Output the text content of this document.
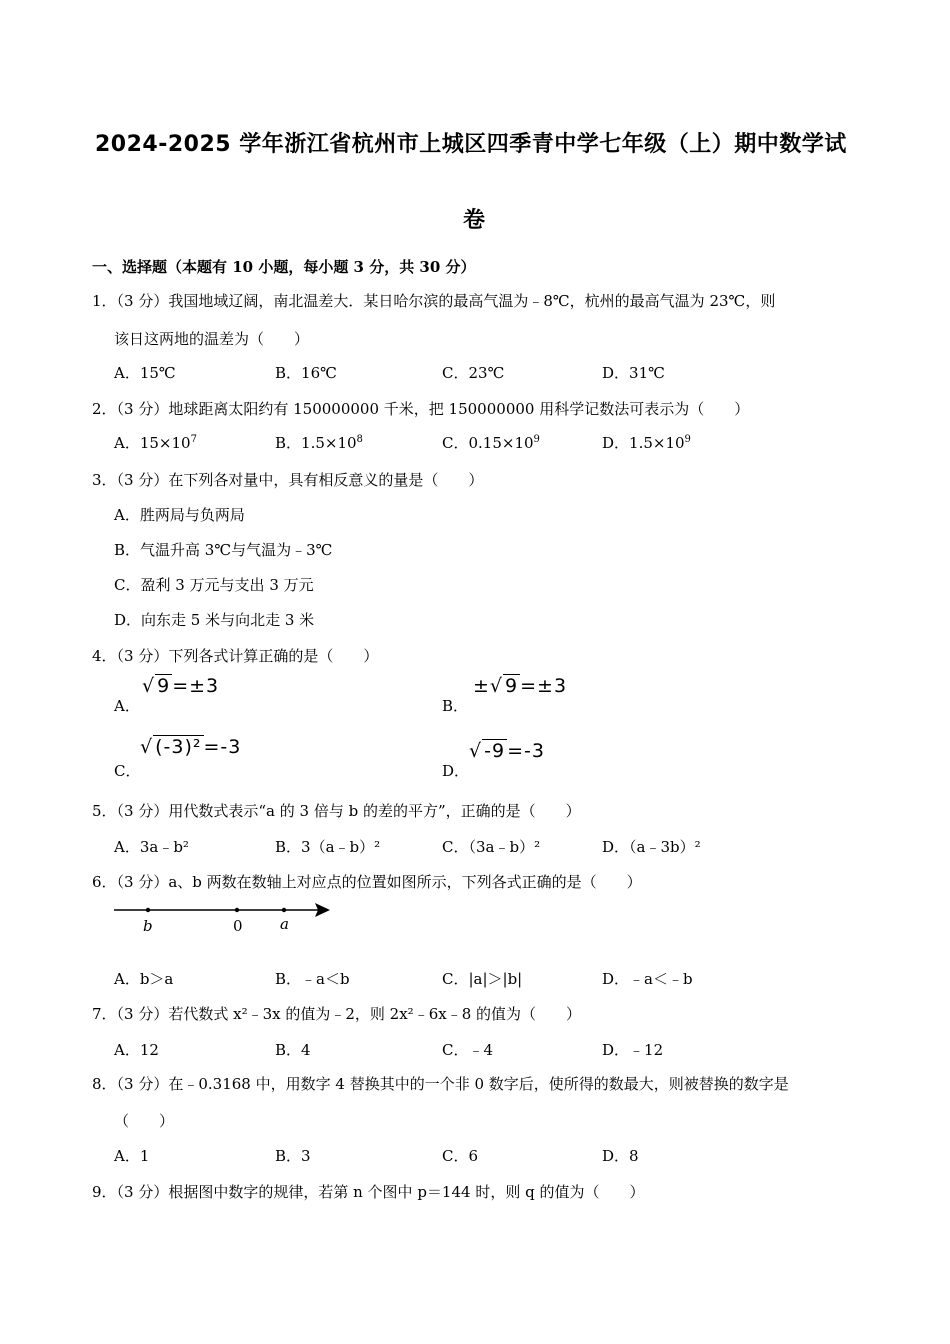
2024-2025 学年浙江省杭州市上城区四季青中学七年级（上）期中数学试
卷
一、选择题（本题有 10 小题，每小题 3 分，共 30 分）
1．（3 分）我国地域辽阔，南北温差大．某日哈尔滨的最高气温为﹣8℃，杭州的最高气温为 23℃，则
该日这两地的温差为（　　）
A．15℃	B．16℃	C．23℃	D．31℃
2．（3 分）地球距离太阳约有 150000000 千米，把 150000000 用科学记数法可表示为（　　）
A．$15\times 10^7$	B．$1.5\times 10^8$	C．$0.15\times 10^9$	D．$1.5\times 10^9$
3．（3 分）在下列各对量中，具有相反意义的量是（　　）
A．胜两局与负两局
B．气温升高 3℃与气温为﹣3℃
C．盈利 3 万元与支出 3 万元
D．向东走 5 米与向北走 3 米
4．（3 分）下列各式计算正确的是（　　）
A．
√ 9 =±3
B．
±√ 9 =±3
C．
√ (-3)² =-3
D．
√ -9 =-3
5．（3 分）用代数式表示“a 的 3 倍与 b 的差的平方”，正确的是（　　）
A．3a﹣b²	B．3（a﹣b）²	C．（3a﹣b）²	D．（a﹣3b）²
6．（3 分）a、b 两数在数轴上对应点的位置如图所示，下列各式正确的是（　　）
b	0 a
A．b＞a	B．﹣a＜b	C．|a|＞|b|	D．﹣a＜﹣b
7．（3 分）若代数式 x²﹣3x 的值为﹣2，则 2x²﹣6x﹣8 的值为（　　）
A．12	B．4	C．﹣4	D．﹣12
8．（3 分）在﹣0.3168 中，用数字 4 替换其中的一个非 0 数字后，使所得的数最大，则被替换的数字是
（　　）
A．1	B．3	C．6	D．8
9．（3 分）根据图中数字的规律，若第 n 个图中 p＝144 时，则 q 的值为（　　）
